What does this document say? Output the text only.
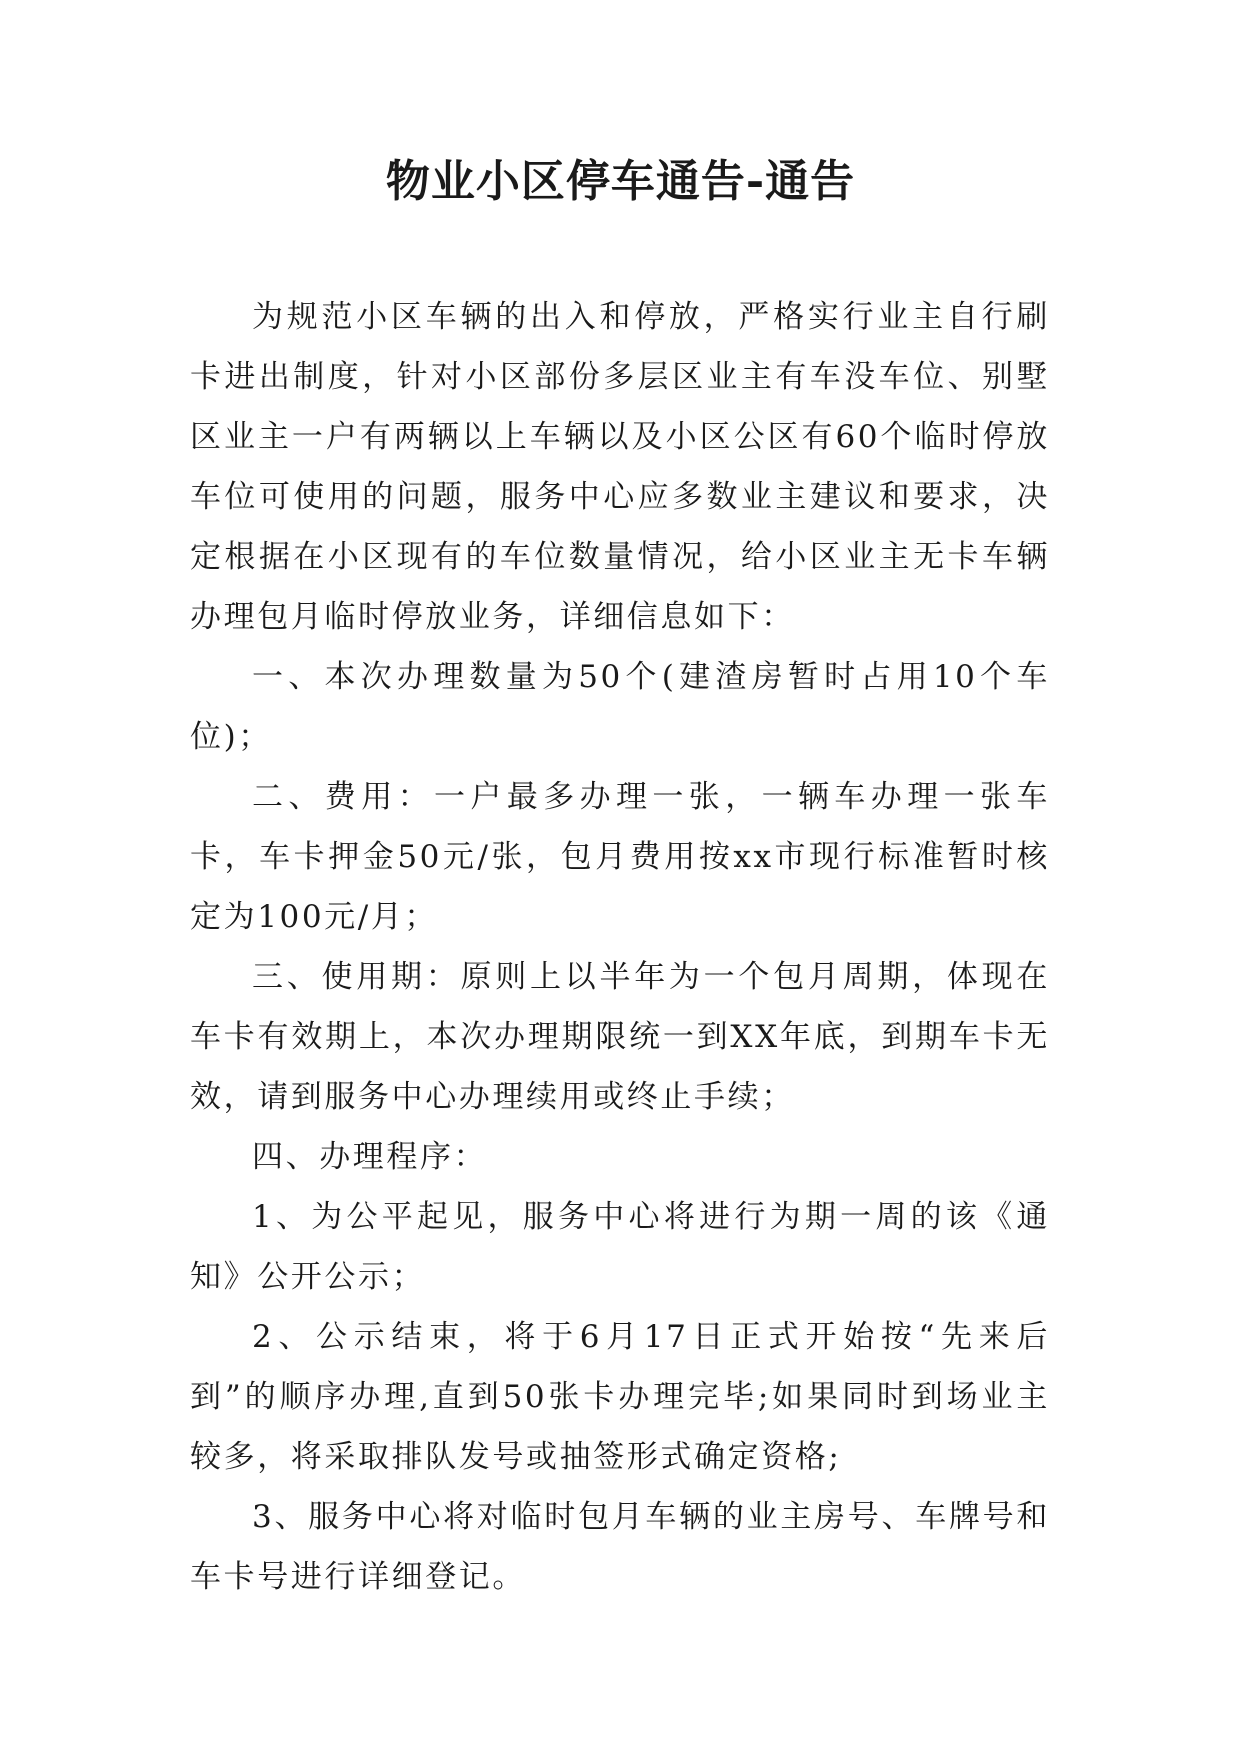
物业小区停车通告-通告

为规范小区车辆的出入和停放，严格实行业主自行刷卡进出制度，针对小区部份多层区业主有车没车位、别墅区业主一户有两辆以上车辆以及小区公区有60个临时停放车位可使用的问题，服务中心应多数业主建议和要求，决定根据在小区现有的车位数量情况，给小区业主无卡车辆办理包月临时停放业务，详细信息如下：

一、本次办理数量为50个(建渣房暂时占用10个车位)；

二、费用：一户最多办理一张，一辆车办理一张车卡，车卡押金50元/张，包月费用按xx市现行标准暂时核定为100元/月；

三、使用期：原则上以半年为一个包月周期，体现在车卡有效期上，本次办理期限统一到XX年底，到期车卡无效，请到服务中心办理续用或终止手续；

四、办理程序：

1、为公平起见，服务中心将进行为期一周的该《通知》公开公示；

2、公示结束，将于6月17日正式开始按“先来后到”的顺序办理,直到50张卡办理完毕;如果同时到场业主较多，将采取排队发号或抽签形式确定资格;

3、服务中心将对临时包月车辆的业主房号、车牌号和车卡号进行详细登记。
